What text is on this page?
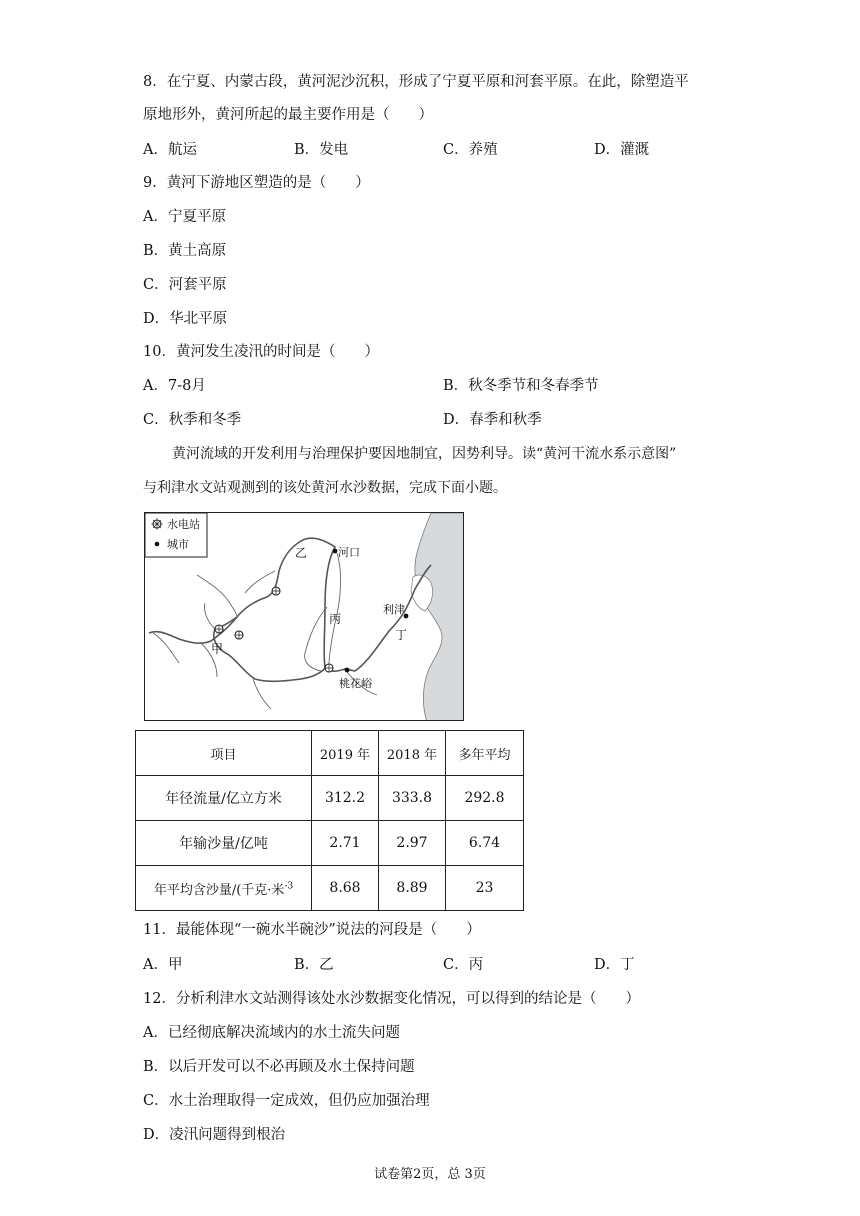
8．在宁夏、内蒙古段，黄河泥沙沉积，形成了宁夏平原和河套平原。在此，除塑造平
原地形外，黄河所起的最主要作用是（　　）
A．航运	B．发电	C．养殖	D．灌溉
9．黄河下游地区塑造的是（　　）
A．宁夏平原
B．黄土高原
C．河套平原
D．华北平原
10．黄河发生凌汛的时间是（　　）
A．7-8月	B．秋冬季节和冬春季节
C．秋季和冬季	D．春季和秋季
黄河流域的开发利用与治理保护要因地制宜，因势利导。读“黄河干流水系示意图”
与利津水文站观测到的该处黄河水沙数据，完成下面小题。
水电站
城市
乙	河口
丙
利津
丁
甲
桃花峪
项目	2019 年	2018 年	多年平均
年径流量/亿立方米	312.2	333.8	292.8
年输沙量/亿吨	2.71	2.97	6.74
年平均含沙量/(千克·米$^{-3}$	8.68	8.89	23
11．最能体现“一碗水半碗沙”说法的河段是（　　）
A．甲	B．乙	C．丙	D．丁
12．分析利津水文站测得该处水沙数据变化情况，可以得到的结论是（　　）
A．已经彻底解决流域内的水土流失问题
B．以后开发可以不必再顾及水土保持问题
C．水土治理取得一定成效，但仍应加强治理
D．凌汛问题得到根治
试卷第2页，总 3页
